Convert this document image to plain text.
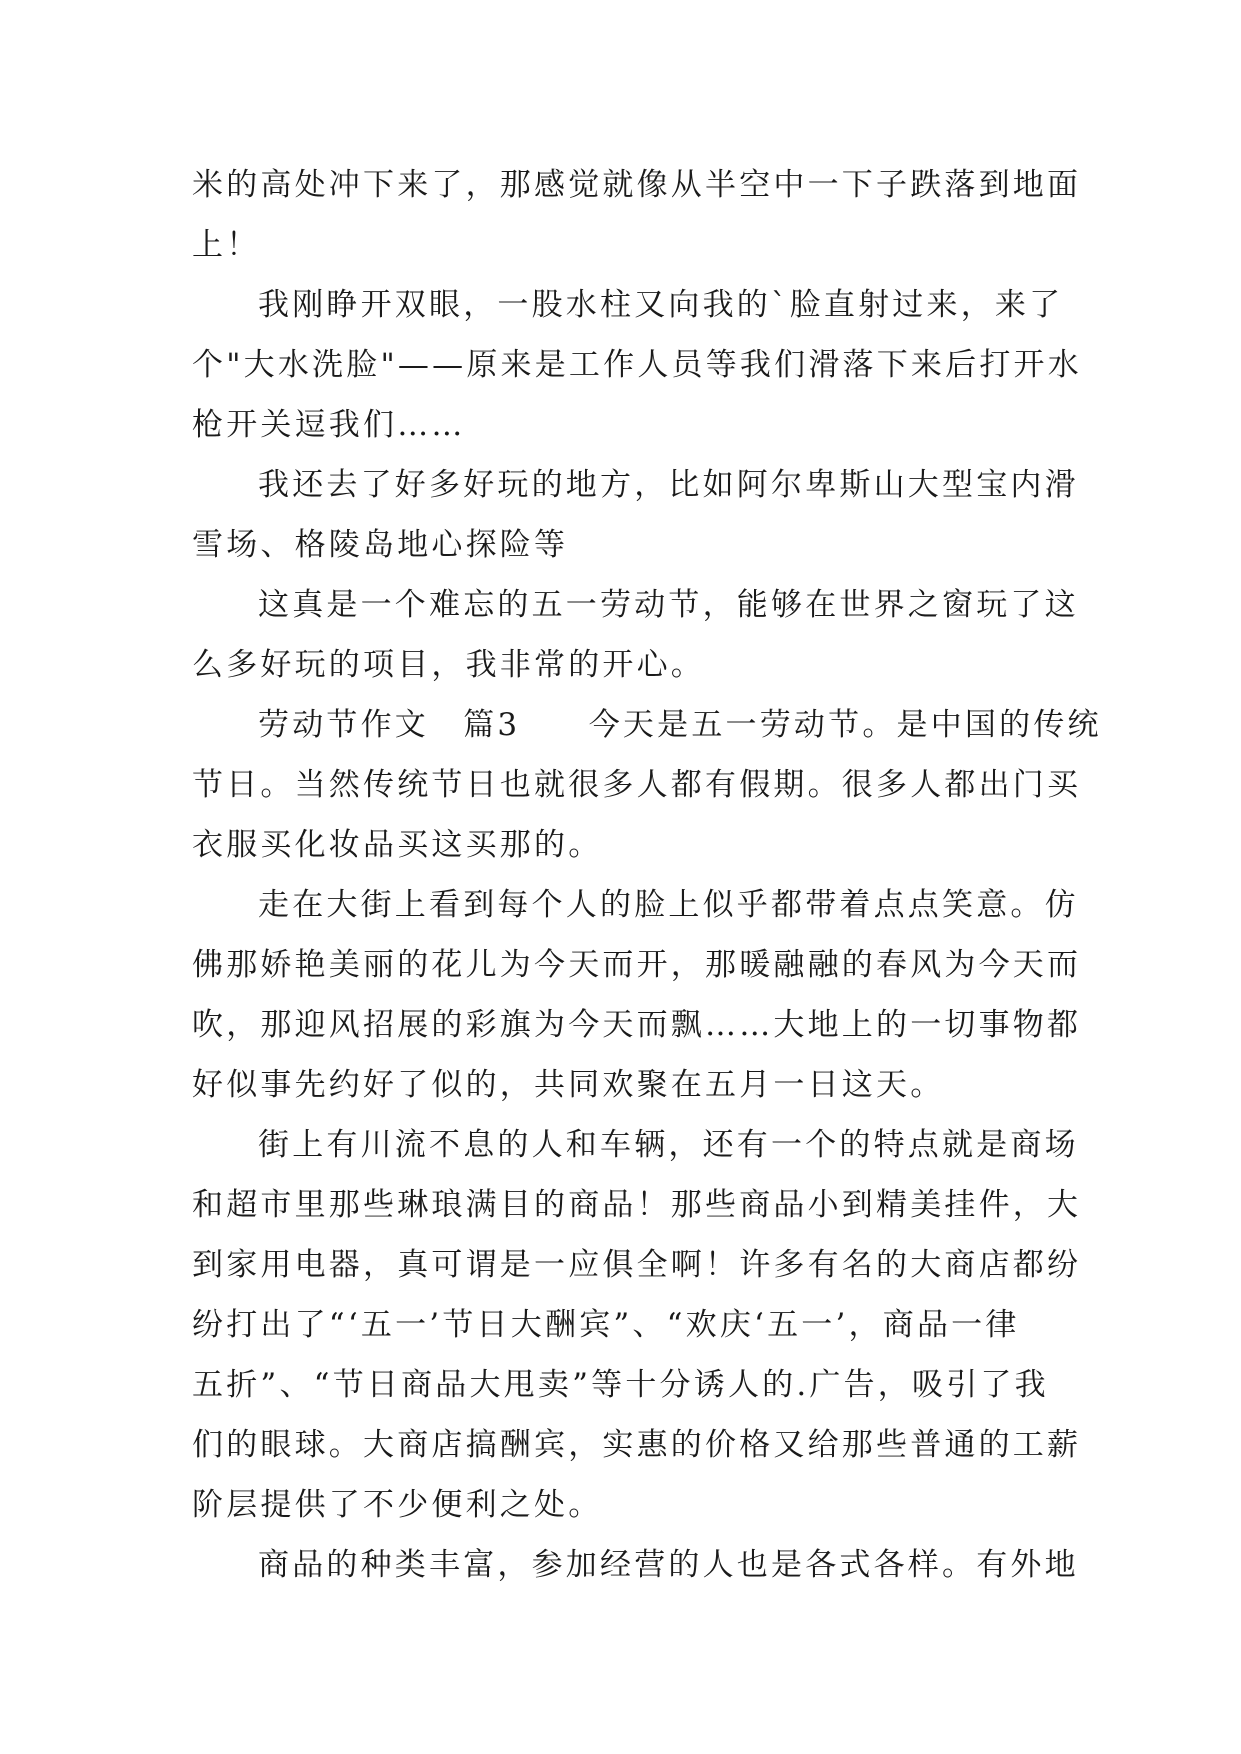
米的高处冲下来了，那感觉就像从半空中一下子跌落到地面
上！
我刚睁开双眼，一股水柱又向我的`脸直射过来，来了
个"大水洗脸"——原来是工作人员等我们滑落下来后打开水
枪开关逗我们……
我还去了好多好玩的地方，比如阿尔卑斯山大型宝内滑
雪场、格陵岛地心探险等
这真是一个难忘的五一劳动节，能够在世界之窗玩了这
么多好玩的项目，我非常的开心。
劳动节作文　篇3　　今天是五一劳动节。是中国的传统
节日。当然传统节日也就很多人都有假期。很多人都出门买
衣服买化妆品买这买那的。
走在大街上看到每个人的脸上似乎都带着点点笑意。仿
佛那娇艳美丽的花儿为今天而开，那暖融融的春风为今天而
吹，那迎风招展的彩旗为今天而飘……大地上的一切事物都
好似事先约好了似的，共同欢聚在五月一日这天。
街上有川流不息的人和车辆，还有一个的特点就是商场
和超市里那些琳琅满目的商品！那些商品小到精美挂件，大
到家用电器，真可谓是一应俱全啊！许多有名的大商店都纷
纷打出了“‘五一’节日大酬宾”、“欢庆‘五一’，商品一律
五折”、“节日商品大甩卖”等十分诱人的.广告，吸引了我
们的眼球。大商店搞酬宾，实惠的价格又给那些普通的工薪
阶层提供了不少便利之处。
商品的种类丰富，参加经营的人也是各式各样。有外地
